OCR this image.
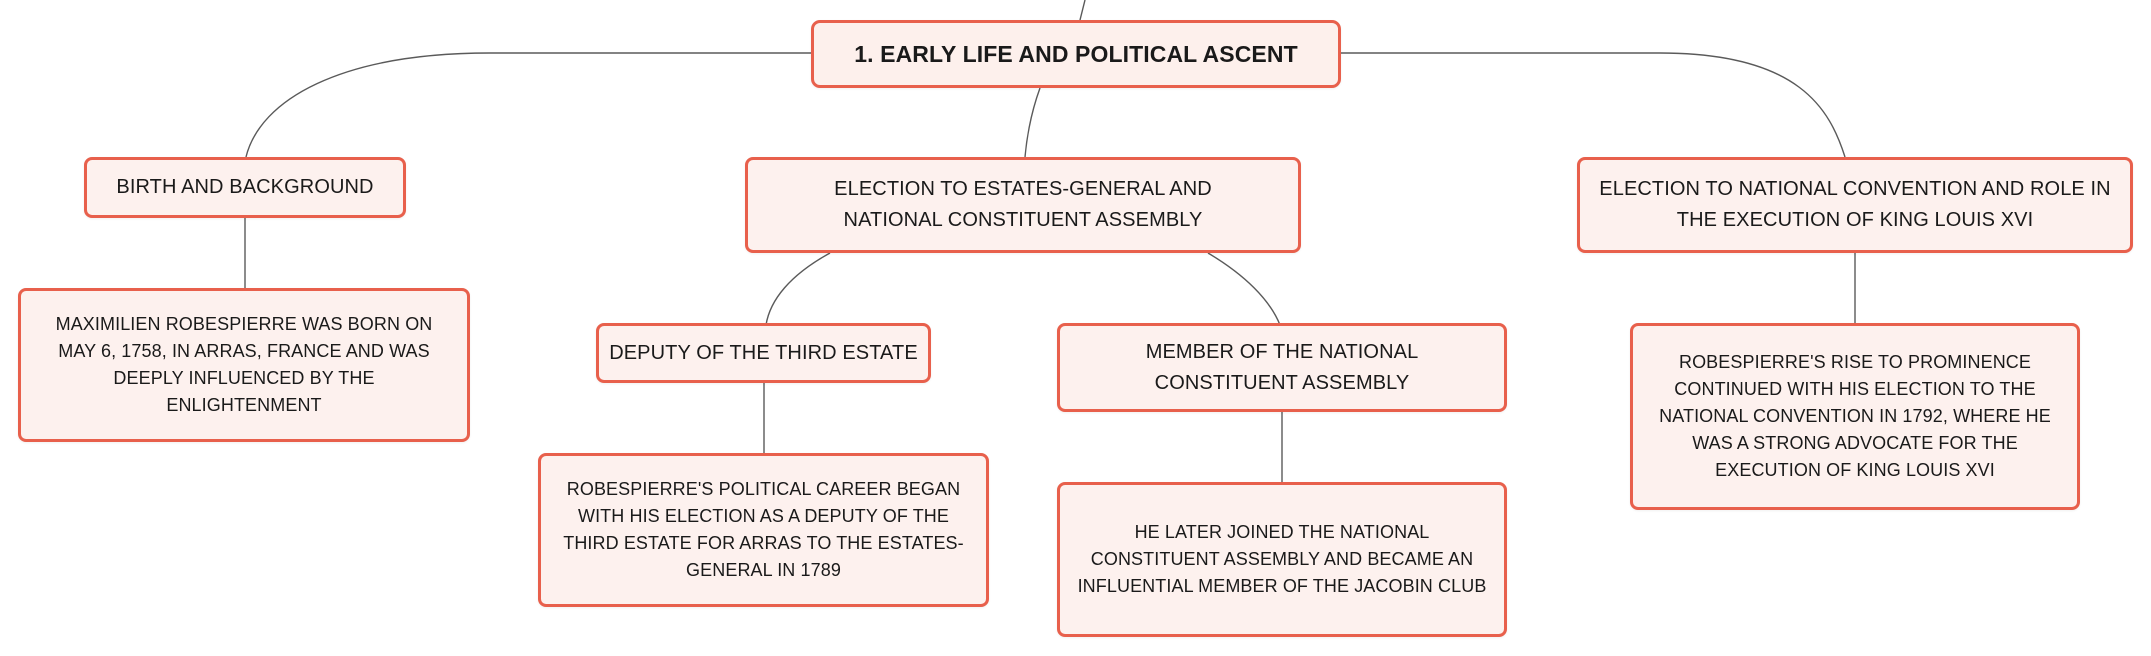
1. EARLY LIFE AND POLITICAL ASCENT
BIRTH AND BACKGROUND
MAXIMILIEN ROBESPIERRE WAS BORN ON MAY 6, 1758, IN ARRAS, FRANCE AND WAS DEEPLY INFLUENCED BY THE ENLIGHTENMENT
ELECTION TO ESTATES-GENERAL AND NATIONAL CONSTITUENT ASSEMBLY
DEPUTY OF THE THIRD ESTATE
ROBESPIERRE'S POLITICAL CAREER BEGAN WITH HIS ELECTION AS A DEPUTY OF THE THIRD ESTATE FOR ARRAS TO THE ESTATES-GENERAL IN 1789
MEMBER OF THE NATIONAL CONSTITUENT ASSEMBLY
HE LATER JOINED THE NATIONAL CONSTITUENT ASSEMBLY AND BECAME AN INFLUENTIAL MEMBER OF THE JACOBIN CLUB
ELECTION TO NATIONAL CONVENTION AND ROLE IN THE EXECUTION OF KING LOUIS XVI
ROBESPIERRE'S RISE TO PROMINENCE CONTINUED WITH HIS ELECTION TO THE NATIONAL CONVENTION IN 1792, WHERE HE WAS A STRONG ADVOCATE FOR THE EXECUTION OF KING LOUIS XVI
